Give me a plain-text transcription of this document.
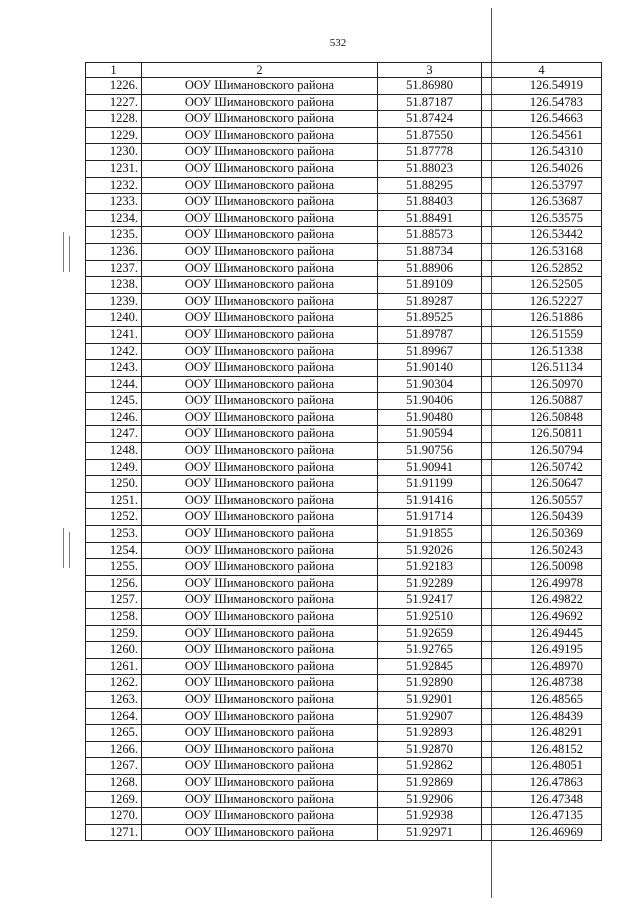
532
1	2	3	4
1226.	ООУ Шимановского района	51.86980	126.54919
1227.	ООУ Шимановского района	51.87187	126.54783
1228.	ООУ Шимановского района	51.87424	126.54663
1229.	ООУ Шимановского района	51.87550	126.54561
1230.	ООУ Шимановского района	51.87778	126.54310
1231.	ООУ Шимановского района	51.88023	126.54026
1232.	ООУ Шимановского района	51.88295	126.53797
1233.	ООУ Шимановского района	51.88403	126.53687
1234.	ООУ Шимановского района	51.88491	126.53575
1235.	ООУ Шимановского района	51.88573	126.53442
1236.	ООУ Шимановского района	51.88734	126.53168
1237.	ООУ Шимановского района	51.88906	126.52852
1238.	ООУ Шимановского района	51.89109	126.52505
1239.	ООУ Шимановского района	51.89287	126.52227
1240.	ООУ Шимановского района	51.89525	126.51886
1241.	ООУ Шимановского района	51.89787	126.51559
1242.	ООУ Шимановского района	51.89967	126.51338
1243.	ООУ Шимановского района	51.90140	126.51134
1244.	ООУ Шимановского района	51.90304	126.50970
1245.	ООУ Шимановского района	51.90406	126.50887
1246.	ООУ Шимановского района	51.90480	126.50848
1247.	ООУ Шимановского района	51.90594	126.50811
1248.	ООУ Шимановского района	51.90756	126.50794
1249.	ООУ Шимановского района	51.90941	126.50742
1250.	ООУ Шимановского района	51.91199	126.50647
1251.	ООУ Шимановского района	51.91416	126.50557
1252.	ООУ Шимановского района	51.91714	126.50439
1253.	ООУ Шимановского района	51.91855	126.50369
1254.	ООУ Шимановского района	51.92026	126.50243
1255.	ООУ Шимановского района	51.92183	126.50098
1256.	ООУ Шимановского района	51.92289	126.49978
1257.	ООУ Шимановского района	51.92417	126.49822
1258.	ООУ Шимановского района	51.92510	126.49692
1259.	ООУ Шимановского района	51.92659	126.49445
1260.	ООУ Шимановского района	51.92765	126.49195
1261.	ООУ Шимановского района	51.92845	126.48970
1262.	ООУ Шимановского района	51.92890	126.48738
1263.	ООУ Шимановского района	51.92901	126.48565
1264.	ООУ Шимановского района	51.92907	126.48439
1265.	ООУ Шимановского района	51.92893	126.48291
1266.	ООУ Шимановского района	51.92870	126.48152
1267.	ООУ Шимановского района	51.92862	126.48051
1268.	ООУ Шимановского района	51.92869	126.47863
1269.	ООУ Шимановского района	51.92906	126.47348
1270.	ООУ Шимановского района	51.92938	126.47135
1271.	ООУ Шимановского района	51.92971	126.46969
